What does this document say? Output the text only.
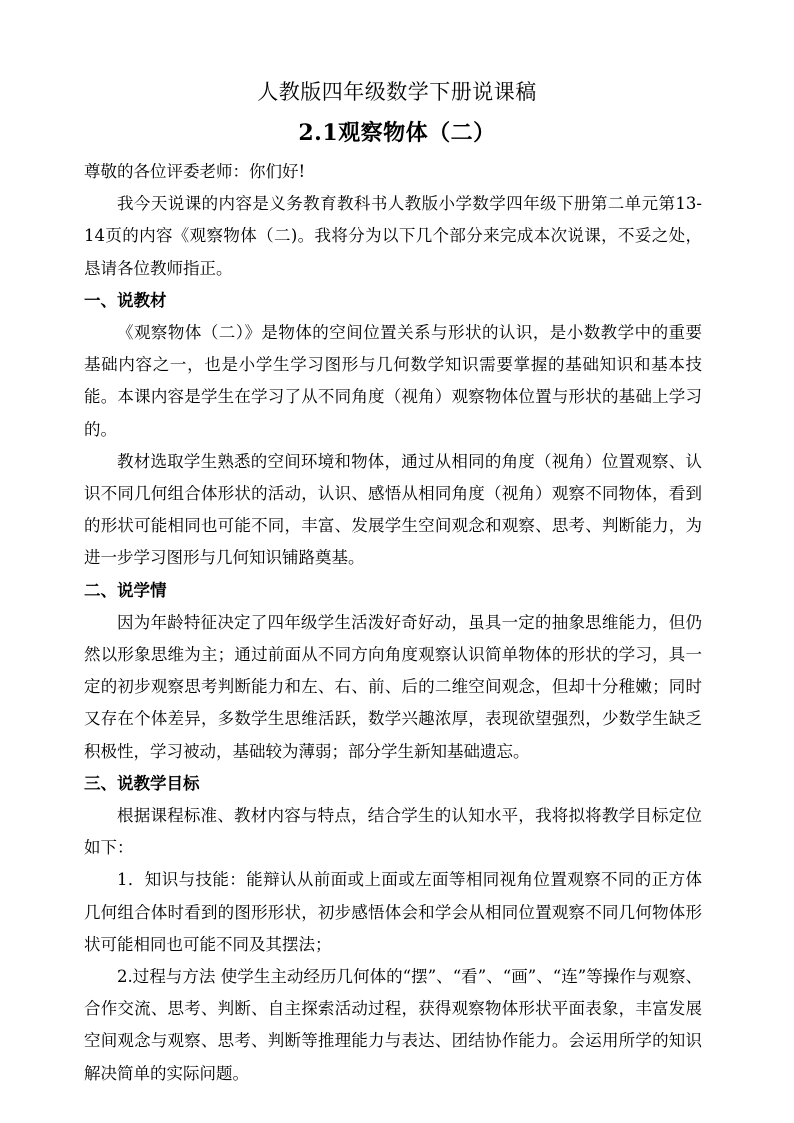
人教版四年级数学下册说课稿
2.1观察物体（二）

尊敬的各位评委老师：你们好!

我今天说课的内容是义务教育教科书人教版小学数学四年级下册第二单元第13-14页的内容《观察物体（二)。我将分为以下几个部分来完成本次说课，不妥之处，恳请各位教师指正。

一、说教材

《观察物体（二）》是物体的空间位置关系与形状的认识，是小数教学中的重要基础内容之一，也是小学生学习图形与几何数学知识需要掌握的基础知识和基本技能。本课内容是学生在学习了从不同角度（视角）观察物体位置与形状的基础上学习的。

教材选取学生熟悉的空间环境和物体，通过从相同的角度（视角）位置观察、认识不同几何组合体形状的活动，认识、感悟从相同角度（视角）观察不同物体，看到的形状可能相同也可能不同，丰富、发展学生空间观念和观察、思考、判断能力，为进一步学习图形与几何知识铺路奠基。

二、说学情

因为年龄特征决定了四年级学生活泼好奇好动，虽具一定的抽象思维能力，但仍然以形象思维为主；通过前面从不同方向角度观察认识简单物体的形状的学习，具一定的初步观察思考判断能力和左、右、前、后的二维空间观念，但却十分稚嫩；同时又存在个体差异，多数学生思维活跃，数学兴趣浓厚，表现欲望强烈，少数学生缺乏积极性，学习被动，基础较为薄弱；部分学生新知基础遗忘。

三、说教学目标

根据课程标准、教材内容与特点，结合学生的认知水平，我将拟将教学目标定位如下：

1．知识与技能：能辩认从前面或上面或左面等相同视角位置观察不同的正方体几何组合体时看到的图形形状，初步感悟体会和学会从相同位置观察不同几何物体形状可能相同也可能不同及其摆法；

2.过程与方法 使学生主动经历几何体的“摆”、“看”、“画”、“连”等操作与观察、合作交流、思考、判断、自主探索活动过程，获得观察物体形状平面表象，丰富发展空间观念与观察、思考、判断等推理能力与表达、团结协作能力。会运用所学的知识解决简单的实际问题。
